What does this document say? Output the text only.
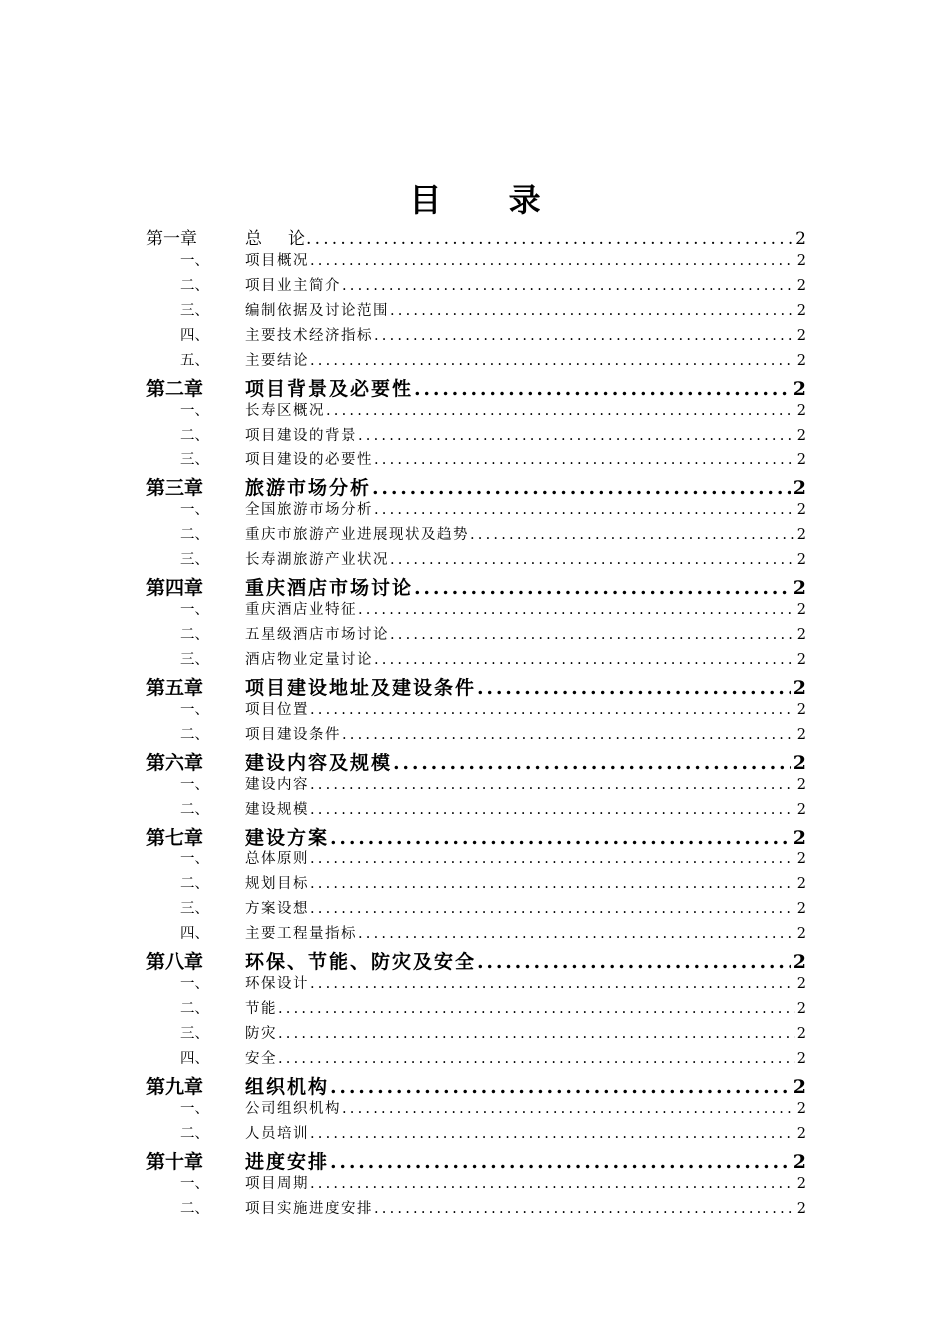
目 录
第一章	总 论 .....	2
一、	项目概况 .....	2
二、	项目业主简介 .....	2
三、	编制依据及讨论范围 .....	2
四、	主要技术经济指标 .....	2
五、	主要结论 .....	2
第二章	项目背景及必要性 .....	2
一、	长寿区概况 .....	2
二、	项目建设的背景 .....	2
三、	项目建设的必要性 .....	2
第三章	旅游市场分析 .....	2
一、	全国旅游市场分析 .....	2
二、	重庆市旅游产业进展现状及趋势 .....	2
三、	长寿湖旅游产业状况 .....	2
第四章	重庆酒店市场讨论 .....	2
一、	重庆酒店业特征 .....	2
二、	五星级酒店市场讨论 .....	2
三、	酒店物业定量讨论 .....	2
第五章	项目建设地址及建设条件 .....	2
一、	项目位置 .....	2
二、	项目建设条件 .....	2
第六章	建设内容及规模 .....	2
一、	建设内容 .....	2
二、	建设规模 .....	2
第七章	建设方案 .....	2
一、	总体原则 .....	2
二、	规划目标 .....	2
三、	方案设想 .....	2
四、	主要工程量指标 .....	2
第八章	环保、节能、防灾及安全 .....	2
一、	环保设计 .....	2
二、	节能 .....	2
三、	防灾 .....	2
四、	安全 .....	2
第九章	组织机构 .....	2
一、	公司组织机构 .....	2
二、	人员培训 .....	2
第十章	进度安排 .....	2
一、	项目周期 .....	2
二、	项目实施进度安排 .....	2
